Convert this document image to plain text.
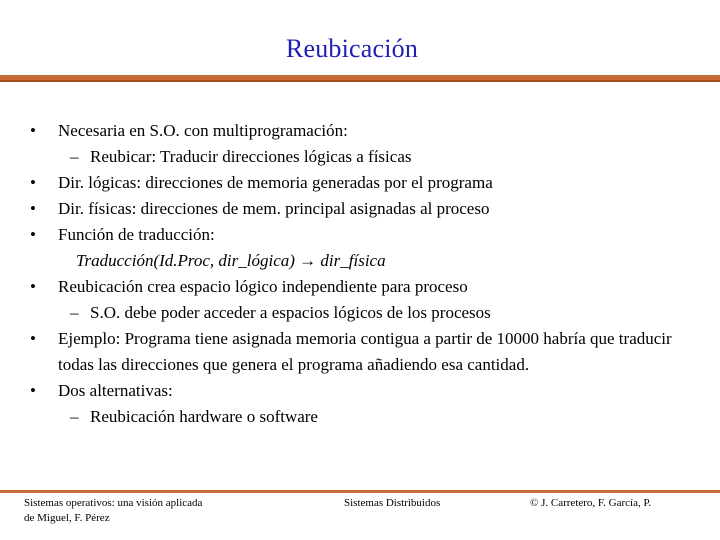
Reubicación
•	Necesaria en S.O. con multiprogramación:
– Reubicar: Traducir direcciones lógicas a físicas
•	Dir. lógicas: direcciones de memoria generadas por el programa
•	Dir. físicas: direcciones de mem. principal asignadas al proceso
•	Función de traducción:
Traducción(Id.Proc, dir_lógica) → dir_física
•	Reubicación crea espacio lógico independiente para proceso
– S.O. debe poder acceder a espacios lógicos de los procesos
•	Ejemplo: Programa tiene asignada memoria contigua a partir de 10000 habría que traducir todas las direcciones que genera el programa añadiendo esa cantidad.
•	Dos alternativas:
– Reubicación hardware o software
Sistemas operativos: una visión aplicada
de Miguel, F. Pérez
Sistemas Distribuidos	© J. Carretero, F. García, P.
